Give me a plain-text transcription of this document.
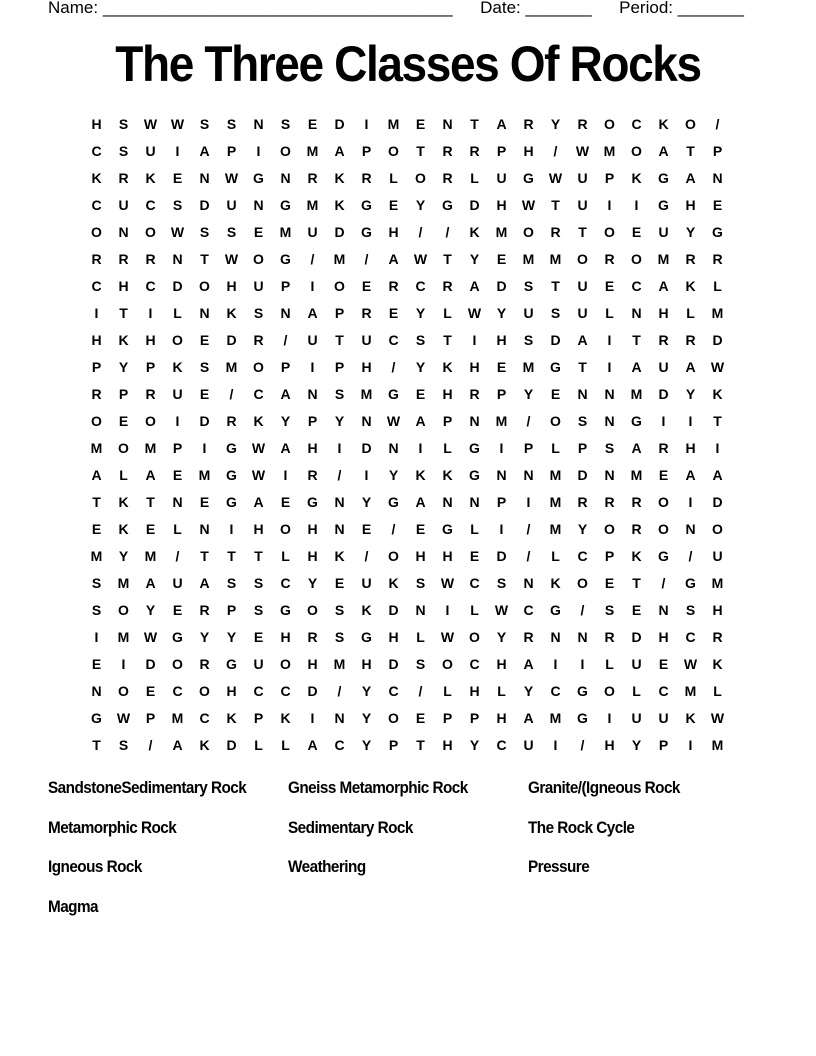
Name: _____________________________________ Date: _______ Period: _______
The Three Classes Of Rocks
H	S	W W	S	S	N	S	E	D	I	M	E	N	T	A	R	Y	R	O	C	K	O	/
C	S	U	I	A	P	I	O	M	A	P	O	T	R	R	P	H	/	W	M	O	A	T	P
K	R	K	E	N	W	G	N	R	K	R	L	O	R	L	U	G	W	U	P	K	G	A	N
C	U	C	S	D	U	N	G	M	K	G	E	Y	G	D	H	W	T	U	I	I	G	H	E
O	N	O	W	S	S	E	M	U	D	G	H	/	/	K	M	O	R	T	O	E	U	Y	G
R	R	R	N	T	W	O	G	/	M	/	A	W	T	Y	E	M	M	O	R	O	M	R	R
C	H	C	D	O	H	U	P	I	O	E	R	C	R	A	D	S	T	U	E	C	A	K	L
I	T	I	L	N	K	S	N	A	P	R	E	Y	L	W	Y	U	S	U	L	N	H	L	M
H	K	H	O	E	D	R	/	U	T	U	C	S	T	I	H	S	D	A	I	T	R	R	D
P	Y	P	K	S	M	O	P	I	P	H	/	Y	K	H	E	M	G	T	I	A	U	A	W
R	P	R	U	E	/	C	A	N	S	M	G	E	H	R	P	Y	E	N	N	M	D	Y	K
O	E	O	I	D	R	K	Y	P	Y	N	W	A	P	N	M	/	O	S	N	G	I	I	T
M	O	M	P	I	G	W	A	H	I	D	N	I	L	G	I	P	L	P	S	A	R	H	I
A	L	A	E	M	G	W	I	R	/	I	Y	K	K	G	N	N	M	D	N	M	E	A	A
T	K	T	N	E	G	A	E	G	N	Y	G	A	N	N	P	I	M	R	R	R	O	I	D
E	K	E	L	N	I	H	O	H	N	E	/	E	G	L	I	/	M	Y	O	R	O	N	O
M	Y	M	/	T	T	T	L	H	K	/	O	H	H	E	D	/	L	C	P	K	G	/	U
S	M	A	U	A	S	S	C	Y	E	U	K	S	W	C	S	N	K	O	E	T	/	G	M
S	O	Y	E	R	P	S	G	O	S	K	D	N	I	L	W	C	G	/	S	E	N	S	H
I	M	W	G	Y	Y	E	H	R	S	G	H	L	W	O	Y	R	N	N	R	D	H	C	R
E	I	D	O	R	G	U	O	H	M	H	D	S	O	C	H	A	I	I	L	U	E	W	K
N	O	E	C	O	H	C	C	D	/	Y	C	/	L	H	L	Y	C	G	O	L	C	M	L
G	W	P	M	C	K	P	K	I	N	Y	O	E	P	P	H	A	M	G	I	U	U	K	W
T	S	/	A	K	D	L	L	A	C	Y	P	T	H	Y	C	U	I	/	H	Y	P	I	M
SandstoneSedimentary Rock	Gneiss Metamorphic Rock	Granite/(Igneous Rock
Metamorphic Rock	Sedimentary Rock	The Rock Cycle
Igneous Rock	Weathering	Pressure
Magma
